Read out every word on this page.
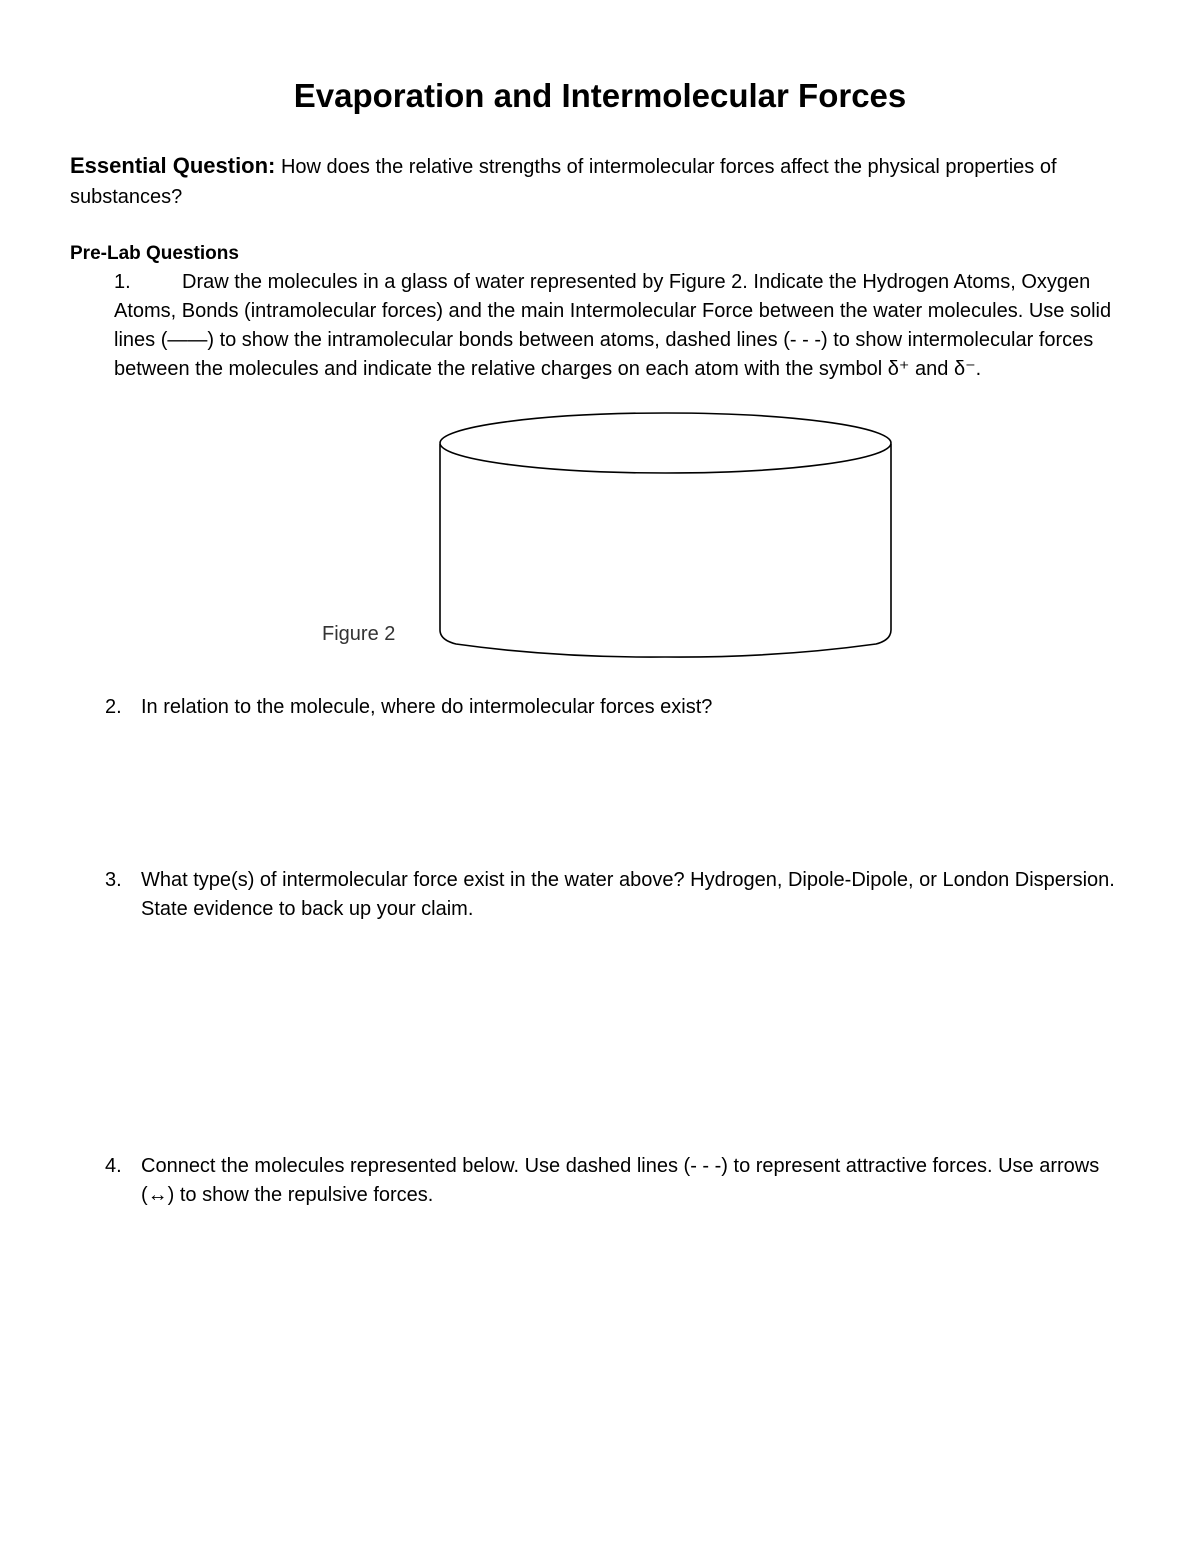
Evaporation and Intermolecular Forces

Essential Question: How does the relative strengths of intermolecular forces affect the physical properties of substances?

Pre-Lab Questions

1.	Draw the molecules in a glass of water represented by Figure 2. Indicate the Hydrogen Atoms, Oxygen Atoms, Bonds (intramolecular forces) and the main Intermolecular Force between the water molecules. Use solid lines (——) to show the intramolecular bonds between atoms, dashed lines (- - -) to show intermolecular forces between the molecules and indicate the relative charges on each atom with the symbol δ⁺ and δ⁻.

Figure 2

2. In relation to the molecule, where do intermolecular forces exist?
3. What type(s) of intermolecular force exist in the water above? Hydrogen, Dipole-Dipole, or London Dispersion. State evidence to back up your claim.
4. Connect the molecules represented below. Use dashed lines (- - -) to represent attractive forces. Use arrows (↔) to show the repulsive forces.
